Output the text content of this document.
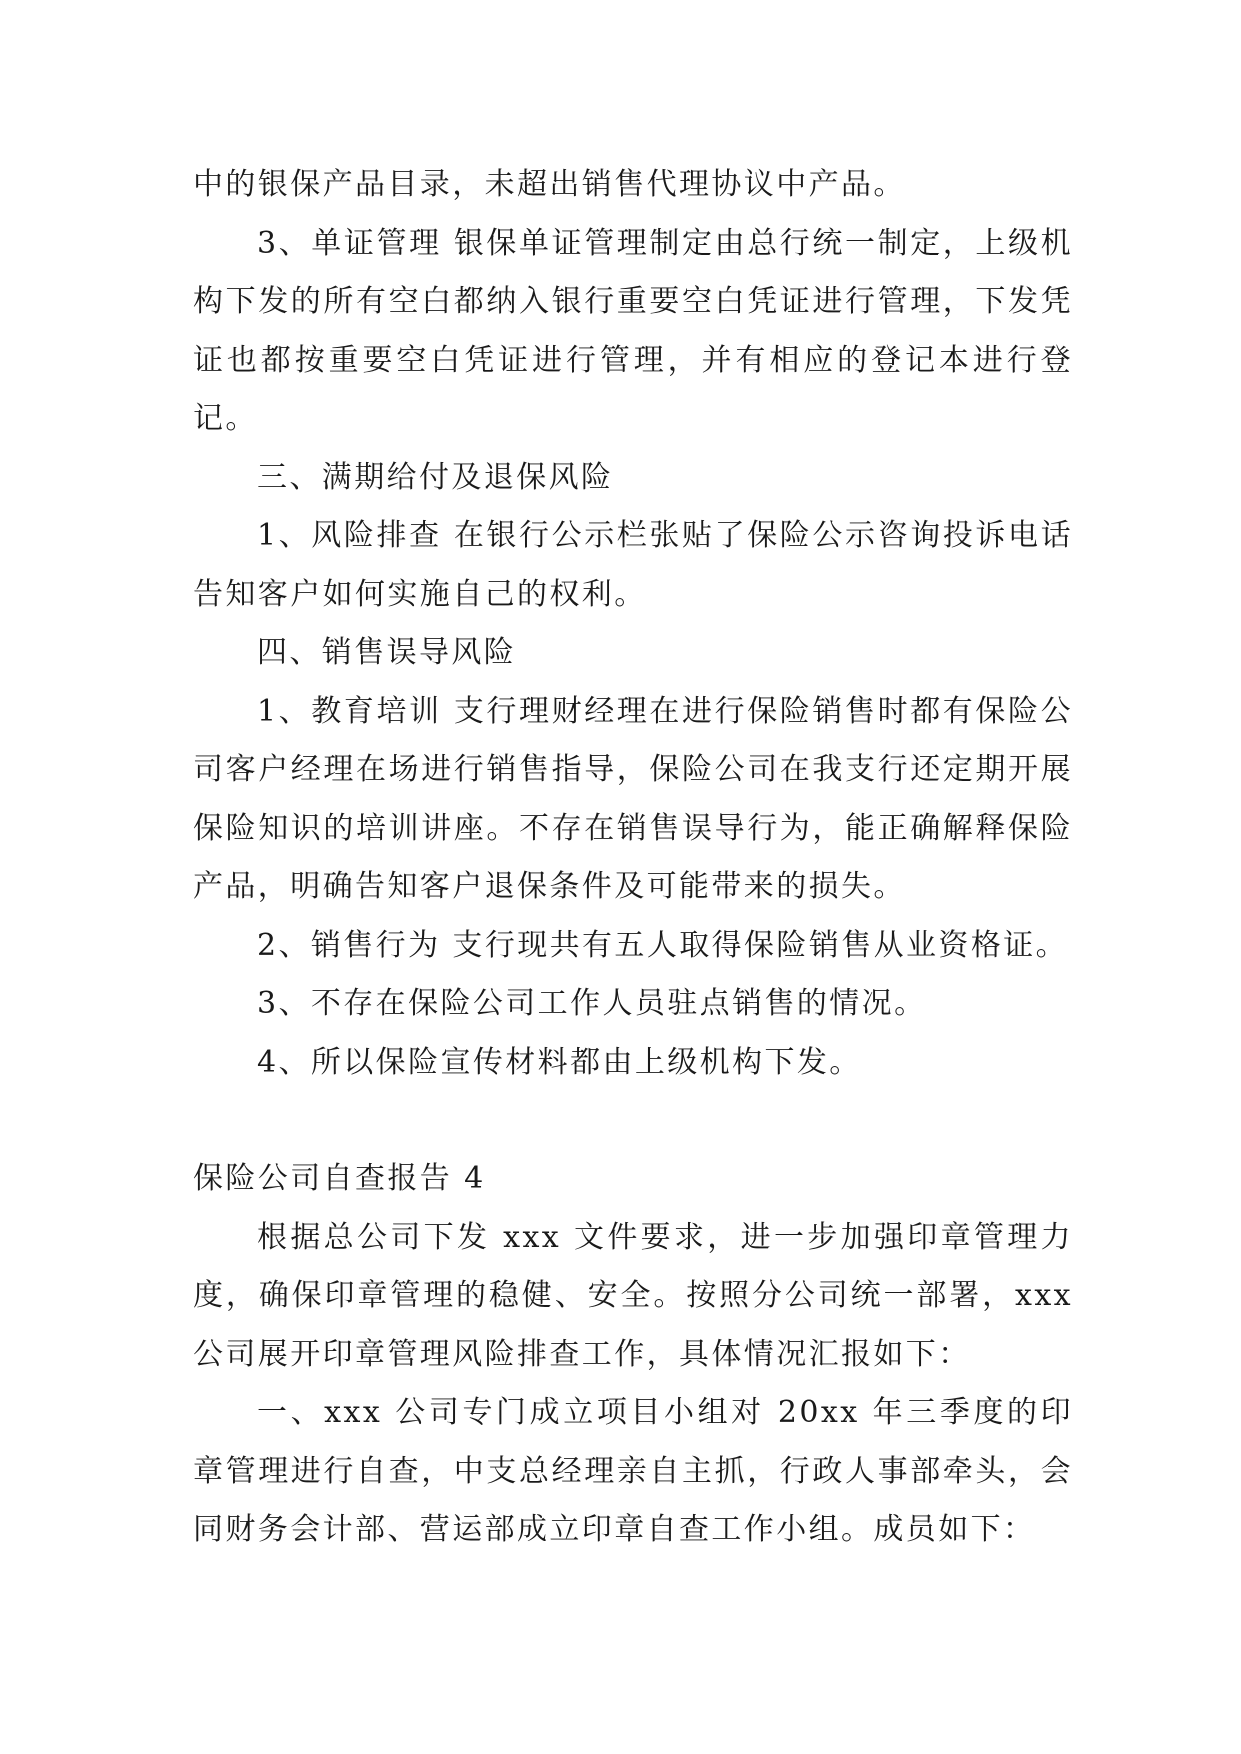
中的银保产品目录，未超出销售代理协议中产品。

3、单证管理 银保单证管理制定由总行统一制定，上级机构下发的所有空白都纳入银行重要空白凭证进行管理，下发凭证也都按重要空白凭证进行管理，并有相应的登记本进行登记。

三、满期给付及退保风险

1、风险排查 在银行公示栏张贴了保险公示咨询投诉电话告知客户如何实施自己的权利。

四、销售误导风险

1、教育培训 支行理财经理在进行保险销售时都有保险公司客户经理在场进行销售指导，保险公司在我支行还定期开展保险知识的培训讲座。不存在销售误导行为，能正确解释保险产品，明确告知客户退保条件及可能带来的损失。

2、销售行为 支行现共有五人取得保险销售从业资格证。

3、不存在保险公司工作人员驻点销售的情况。

4、所以保险宣传材料都由上级机构下发。

保险公司自查报告 4

根据总公司下发 xxx 文件要求，进一步加强印章管理力度，确保印章管理的稳健、安全。按照分公司统一部署，xxx 公司展开印章管理风险排查工作，具体情况汇报如下：

一、xxx 公司专门成立项目小组对 20xx 年三季度的印章管理进行自查，中支总经理亲自主抓，行政人事部牵头，会同财务会计部、营运部成立印章自查工作小组。成员如下：
